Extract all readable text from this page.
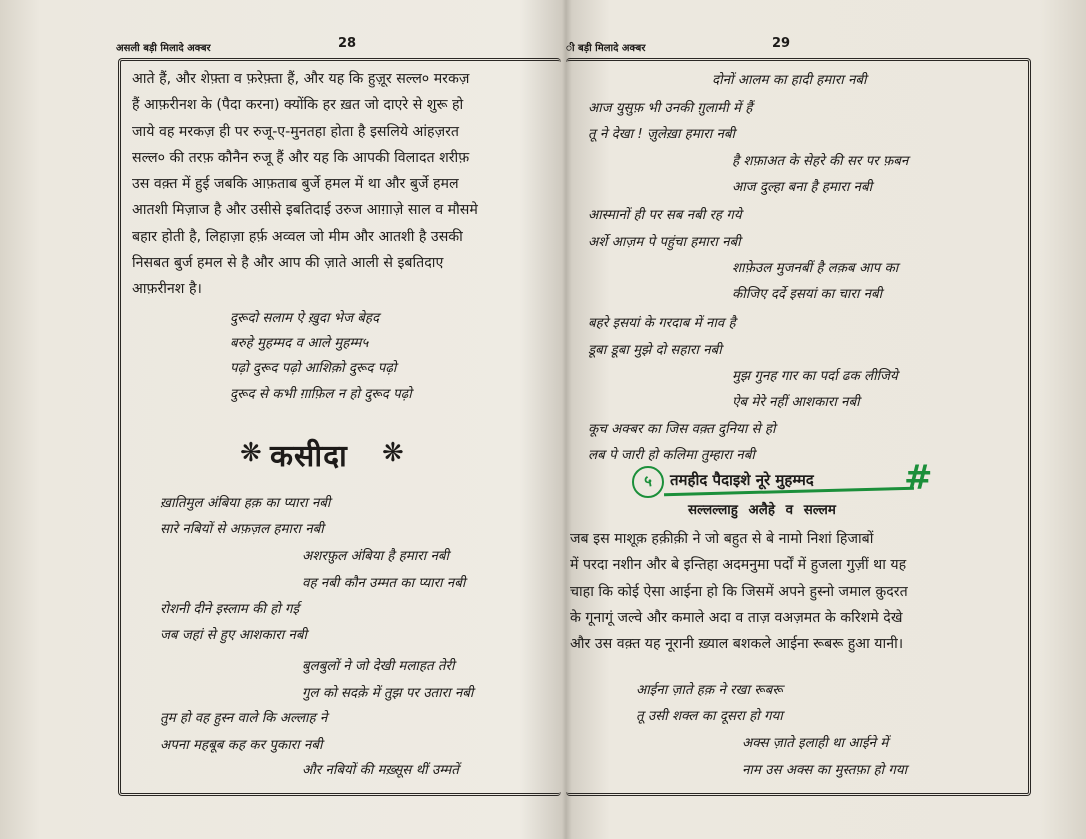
असली बड़ी मिलादे अक्बर	28
आते हैं, और शेफ़्ता व फ़रेफ़्ता हैं, और यह कि हुज़ूर सल्ल० मरकज़
हैं आफ़रीनश के (पैदा करना) क्योंकि हर ख़त जो दाएरे से शुरू हो
जाये वह मरकज़ ही पर रुजू-ए-मुनतहा होता है इसलिये आंहज़रत
सल्ल० की तरफ़ कौनैन रुजू हैं और यह कि आपकी विलादत शरीफ़
उस वक़्त में हुई जबकि आफ़ताब बुर्जे हमल में था और बुर्जे हमल
आतशी मिज़ाज है और उसीसे इबतिदाई उरुज आग़ाज़े साल व मौसमे
बहार होती है, लिहाज़ा हर्फ़ अव्वल जो मीम और आतशी है उसकी
निसबत बुर्ज हमल से है और आप की ज़ाते आली से इबतिदाए
आफ़रीनश है।
दुरूदो सलाम ऐ ख़ुदा भेज बेहद
बरुहे मुहम्मद व आले मुहम्म५
पढ़ो दुरूद पढ़ो आशिक़ो दुरूद पढ़ो
दुरूद से कभी ग़ाफ़िल न हो दुरूद पढ़ो
❋ कसीदा ❋
ख़ातिमुल अंबिया हक़ का प्यारा नबी
सारे नबियों से अफ़ज़ल हमारा नबी
अशरफ़ुल अंबिया है हमारा नबी
वह नबी कौन उम्मत का प्यारा नबी
रोशनी दीने इस्लाम की हो गई
जब जहां से हुए आशकारा नबी
बुलबुलों ने जो देखी मलाहत तेरी
गुल को सदक़े में तुझ पर उतारा नबी
तुम हो वह हुस्न वाले कि अल्लाह ने
अपना महबूब कह कर पुकारा नबी
और नबियों की मख़्सूस थीं उम्मतें
ी बड़ी मिलादे अक्बर	29
दोनों आलम का हादी हमारा नबी
आज युसुफ़ भी उनकी ग़ुलामी में हैं
तू ने देखा ! ज़ुलेख़ा हमारा नबी
है शफ़ाअत के सेहरे की सर पर फ़बन
आज दुल्हा बना है हमारा नबी
आस्मानों ही पर सब नबी रह गये
अर्शे आज़म पे पहुंचा हमारा नबी
शाफ़ेउल मुजनबीं है लक़ब आप का
कीजिए दर्दे इसयां का चारा नबी
बहरे इसयां के गरदाब में नाव है
डूबा डूबा मुझे दो सहारा नबी
मुझ गुनह गार का पर्दा ढक लीजिये
ऐब मेरे नहीं आशकारा नबी
कूच अक्बर का जिस वक़्त दुनिया से हो
लब पे जारी हो कलिमा तुम्हारा नबी
५	तमहीद पैदाइशे नूरे मुहम्मद	#
सल्लल्लाहु अलैहे व सल्लम
जब इस माशूक़ हक़ीक़ी ने जो बहुत से बे नामो निशां हिजाबों
में परदा नशीन और बे इन्तिहा अदमनुमा पर्दों में हुजला गुज़ीं था यह
चाहा कि कोई ऐसा आईना हो कि जिसमें अपने हुस्नो जमाल क़ुदरत
के गूनागूं जल्वे और कमाले अदा व ताज़ वअज़मत के करिशमे देखे
और उस वक़्त यह नूरानी ख़्याल बशकले आईना रूबरू हुआ यानी।
आईना ज़ाते हक़ ने रखा रूबरू
तू उसी शक्ल का दूसरा हो गया
अक्स ज़ाते इलाही था आईने में
नाम उस अक्स का मुस्तफ़ा हो गया
